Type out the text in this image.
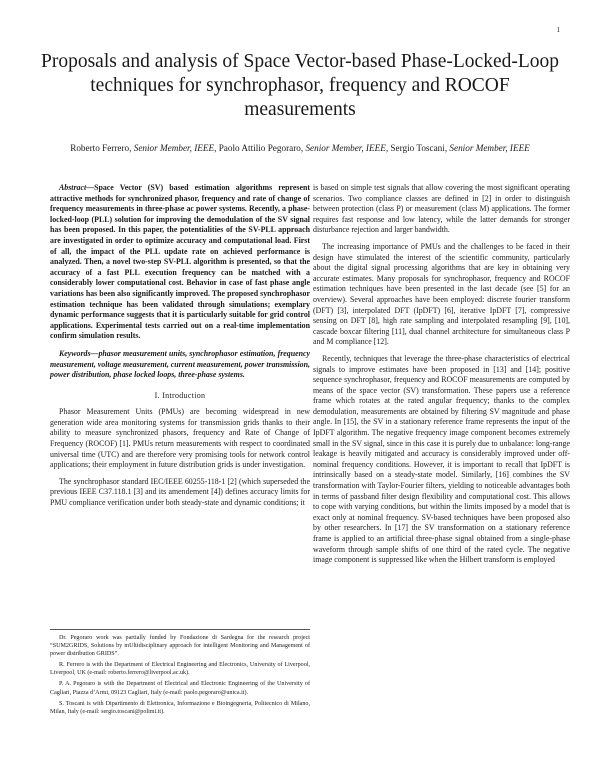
1
Proposals and analysis of Space Vector-based Phase-Locked-Loop techniques for synchrophasor, frequency and ROCOF measurements
Roberto Ferrero, Senior Member, IEEE, Paolo Attilio Pegoraro, Senior Member, IEEE, Sergio Toscani, Senior Member, IEEE

Abstract—Space Vector (SV) based estimation algorithms represent attractive methods for synchronized phasor, frequency and rate of change of frequency measurements in three-phase ac power systems. Recently, a phase-locked-loop (PLL) solution for improving the demodulation of the SV signal has been proposed. In this paper, the potentialities of the SV-PLL approach are investigated in order to optimize accuracy and computational load. First of all, the impact of the PLL update rate on achieved performance is analyzed. Then, a novel two-step SV-PLL algorithm is presented, so that the accuracy of a fast PLL execution frequency can be matched with a considerably lower computational cost. Behavior in case of fast phase angle variations has been also significantly improved. The proposed synchrophasor estimation technique has been validated through simulations; exemplary dynamic performance suggests that it is particularly suitable for grid control applications. Experimental tests carried out on a real-time implementation confirm simulation results.

Keywords—phasor measurement units, synchrophasor estimation, frequency measurement, voltage measurement, current measurement, power transmission, power distribution, phase locked loops, three-phase systems.

I. Introduction

Phasor Measurement Units (PMUs) are becoming widespread in new generation wide area monitoring systems for transmission grids thanks to their ability to measure synchronized phasors, frequency and Rate of Change of Frequency (ROCOF) [1]. PMUs return measurements with respect to coordinated universal time (UTC) and are therefore very promising tools for network control applications; their employment in future distribution grids is under investigation.

The synchrophasor standard IEC/IEEE 60255-118-1 [2] (which superseded the previous IEEE C37.118.1 [3] and its amendement [4]) defines accuracy limits for PMU compliance verification under both steady-state and dynamic conditions; it

Dr. Pegoraro work was partially funded by Fondazione di Sardegna for the research project “SUM2GRIDS, Solutions by mUltidisciplinary approach for intelligent Monitoring and Management of power distribution GRIDS”.

R. Ferrero is with the Department of Electrical Engineering and Electronics, University of Liverpool, Liverpool, UK (e-mail: roberto.ferrero@liverpool.ac.uk).

P. A. Pegoraro is with the Department of Electrical and Electronic Engineering of the University of Cagliari, Piazza d’Armi, 09123 Cagliari, Italy (e-mail: paolo.pegoraro@unica.it).

S. Toscani is with Dipartimento di Elettronica, Informazione e Bioingegneria, Politecnico di Milano, Milan, Italy (e-mail: sergio.toscani@polimi.it).

is based on simple test signals that allow covering the most significant operating scenarios. Two compliance classes are defined in [2] in order to distinguish between protection (class P) or measurement (class M) applications. The former requires fast response and low latency, while the latter demands for stronger disturbance rejection and larger bandwidth.

The increasing importance of PMUs and the challenges to be faced in their design have stimulated the interest of the scientific community, particularly about the digital signal processing algorithms that are key in obtaining very accurate estimates. Many proposals for synchrophasor, frequency and ROCOF estimation techniques have been presented in the last decade (see [5] for an overview). Several approaches have been employed: discrete fourier transform (DFT) [3], interpolated DFT (IpDFT) [6], iterative IpDFT [7], compressive sensing on DFT [8], high rate sampling and interpolated resampling [9], [10], cascade boxcar filtering [11], dual channel architecture for simultaneous class P and M compliance [12].

Recently, techniques that leverage the three-phase characteristics of electrical signals to improve estimates have been proposed in [13] and [14]; positive sequence synchrophasor, frequency and ROCOF measurements are computed by means of the space vector (SV) transformation. These papers use a reference frame which rotates at the rated angular frequency; thanks to the complex demodulation, measurements are obtained by filtering SV magnitude and phase angle. In [15], the SV in a stationary reference frame represents the input of the IpDFT algorithm. The negative frequency image component becomes extremely small in the SV signal, since in this case it is purely due to unbalance: long-range leakage is heavily mitigated and accuracy is considerably improved under off-nominal frequency conditions. However, it is important to recall that IpDFT is intrinsically based on a steady-state model. Similarly, [16] combines the SV transformation with Taylor-Fourier filters, yielding to noticeable advantages both in terms of passband filter design flexibility and computational cost. This allows to cope with varying conditions, but within the limits imposed by a model that is exact only at nominal frequency. SV-based techniques have been proposed also by other researchers. In [17] the SV transformation on a stationary reference frame is applied to an artificial three-phase signal obtained from a single-phase waveform through sample shifts of one third of the rated cycle. The negative image component is suppressed like when the Hilbert transform is employed
